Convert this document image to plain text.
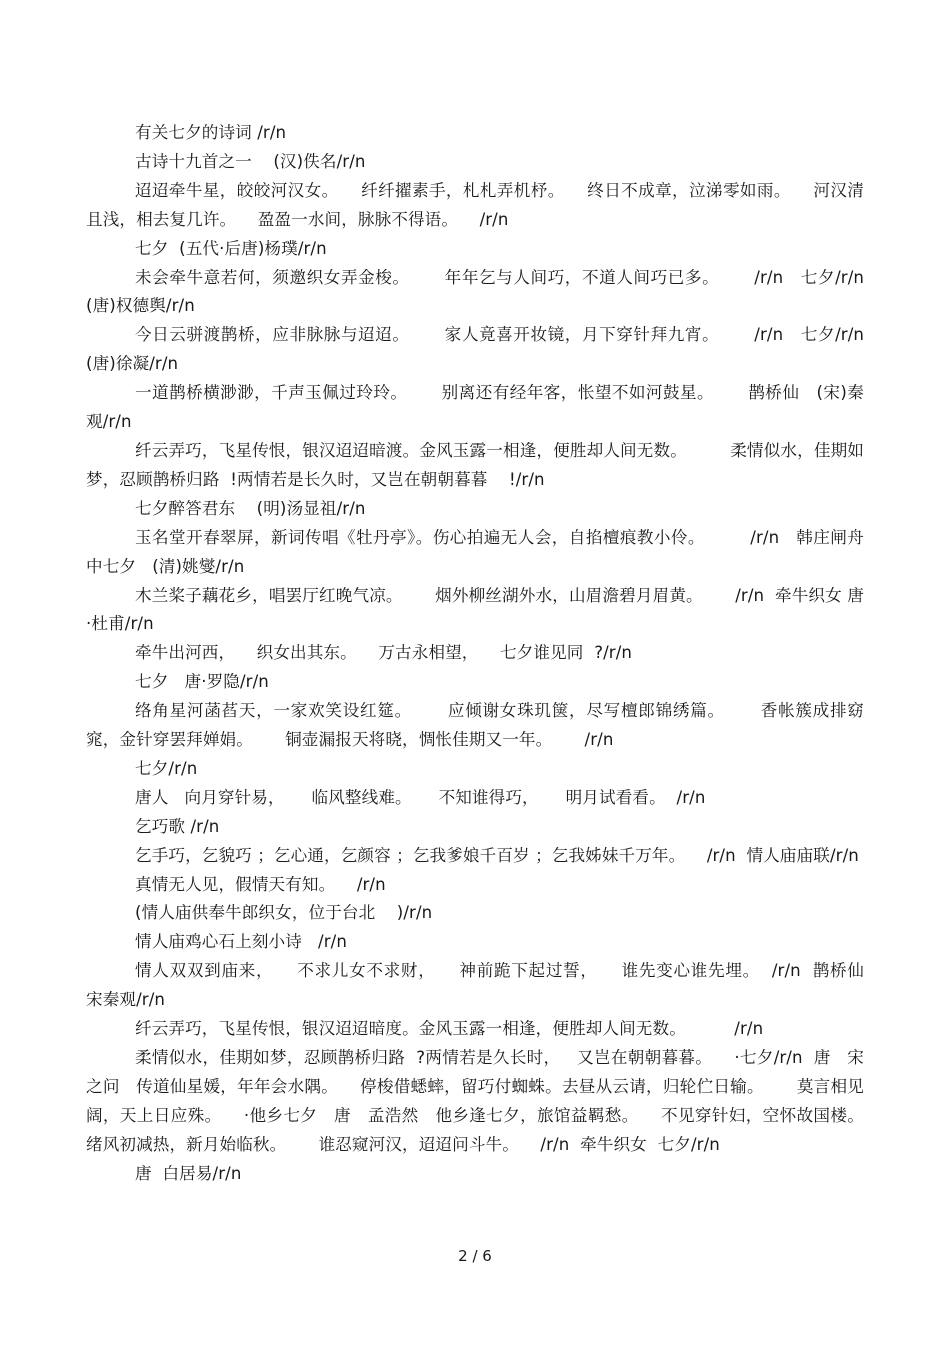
有关七夕的诗词 /r/n

古诗十九首之一    (汉)佚名/r/n

迢迢牵牛星，皎皎河汉女。    纤纤擢素手，札札弄机杼。    终日不成章，泣涕零如雨。    河汉清且浅，相去复几许。    盈盈一水间，脉脉不得语。    /r/n

七夕  (五代·后唐)杨璞/r/n

未会牵牛意若何，须邀织女弄金梭。      年年乞与人间巧，不道人间巧已多。      /r/n   七夕/r/n (唐)权德舆/r/n

今日云骈渡鹊桥，应非脉脉与迢迢。      家人竟喜开妆镜，月下穿针拜九宵。      /r/n   七夕/r/n (唐)徐凝/r/n

一道鹊桥横渺渺，千声玉佩过玲玲。      别离还有经年客，怅望不如河鼓星。      鹊桥仙   (宋)秦观/r/n

纤云弄巧，飞星传恨，银汉迢迢暗渡。金风玉露一相逢，便胜却人间无数。        柔情似水，佳期如梦，忍顾鹊桥归路  !两情若是长久时，又岂在朝朝暮暮    !/r/n

七夕醉答君东    (明)汤显祖/r/n

玉名堂开春翠屏，新词传唱《牡丹亭》。伤心拍遍无人会，自掐檀痕教小伶。        /r/n   韩庄闸舟中七夕   (清)姚燮/r/n

木兰桨子藕花乡，唱罢厅红晚气凉。      烟外柳丝湖外水，山眉澹碧月眉黄。      /r/n  牵牛织女 唐·杜甫/r/n

牵牛出河西，    织女出其东。    万古永相望，    七夕谁见同  ?/r/n

七夕   唐·罗隐/r/n

络角星河菡萏天，一家欢笑设红筵。      应倾谢女珠玑箧，尽写檀郎锦绣篇。      香帐簇成排窈窕，金针穿罢拜婵娟。      铜壶漏报天将晓，惆怅佳期又一年。      /r/n

七夕/r/n

唐人   向月穿针易，     临风整线难。     不知谁得巧，     明月试看看。  /r/n

乞巧歌 /r/n

乞手巧，乞貌巧 ；乞心通，乞颜容 ；乞我爹娘千百岁 ；乞我姊妹千万年。    /r/n  情人庙庙联/r/n

真情无人见，假情天有知。    /r/n

(情人庙供奉牛郎织女，位于台北    )/r/n

情人庙鸡心石上刻小诗   /r/n

情人双双到庙来，    不求儿女不求财，    神前跪下起过誓，    谁先变心谁先埋。  /r/n  鹊桥仙   宋秦观/r/n

纤云弄巧，飞星传恨，银汉迢迢暗度。金风玉露一相逢，便胜却人间无数。         /r/n

柔情似水，佳期如梦，忍顾鹊桥归路  ?两情若是久长时，   又岂在朝朝暮暮。    ·七夕/r/n  唐   宋之问   传道仙星媛，年年会水隅。    停梭借蟋蟀，留巧付蜘蛛。去昼从云请，归轮伫日输。      莫言相见阔，天上日应殊。    ·他乡七夕   唐   孟浩然   他乡逢七夕，旅馆益羁愁。    不见穿针妇，空怀故国楼。绪风初减热，新月始临秋。      谁忍窥河汉，迢迢问斗牛。    /r/n  牵牛织女  七夕/r/n

唐  白居易/r/n

2 / 6
